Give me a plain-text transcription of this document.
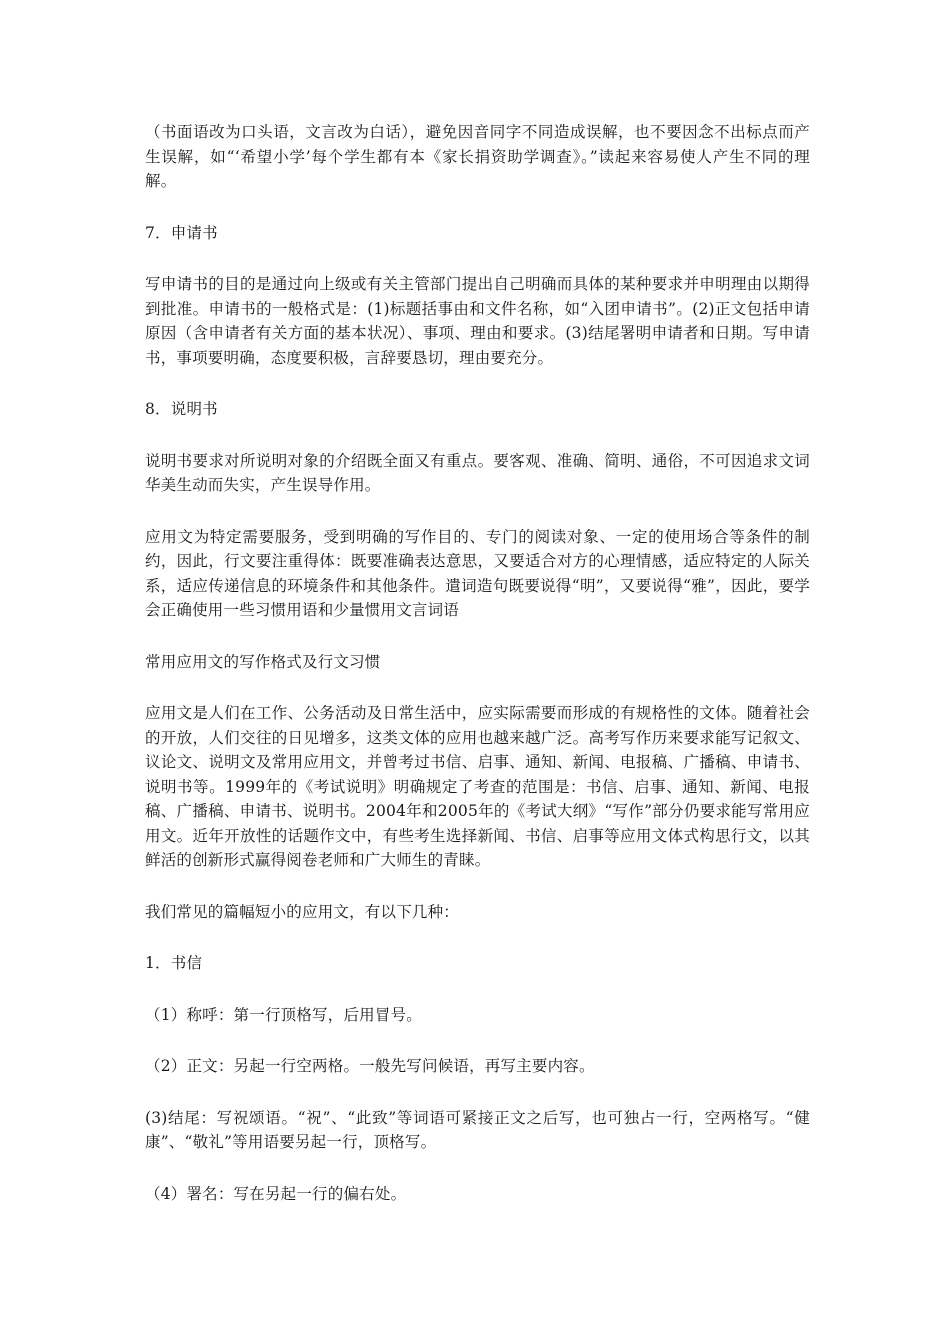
（书面语改为口头语，文言改为白话），避免因音同字不同造成误解，也不要因念不出标点而产生误解，如“‘希望小学’每个学生都有本《家长捐资助学调查》。”读起来容易使人产生不同的理解。

7．申请书

写申请书的目的是通过向上级或有关主管部门提出自己明确而具体的某种要求并申明理由以期得到批准。申请书的一般格式是：(1)标题括事由和文件名称，如“入团申请书”。(2)正文包括申请原因（含申请者有关方面的基本状况）、事项、理由和要求。(3)结尾署明申请者和日期。写申请书，事项要明确，态度要积极，言辞要恳切，理由要充分。

8．说明书

说明书要求对所说明对象的介绍既全面又有重点。要客观、准确、简明、通俗，不可因追求文词华美生动而失实，产生误导作用。

应用文为特定需要服务，受到明确的写作目的、专门的阅读对象、一定的使用场合等条件的制约，因此，行文要注重得体：既要准确表达意思，又要适合对方的心理情感，适应特定的人际关系，适应传递信息的环境条件和其他条件。遣词造句既要说得“明”，又要说得“雅”，因此，要学会正确使用一些习惯用语和少量惯用文言词语

常用应用文的写作格式及行文习惯

应用文是人们在工作、公务活动及日常生活中，应实际需要而形成的有规格性的文体。随着社会的开放，人们交往的日见增多，这类文体的应用也越来越广泛。高考写作历来要求能写记叙文、议论文、说明文及常用应用文，并曾考过书信、启事、通知、新闻、电报稿、广播稿、申请书、说明书等。1999年的《考试说明》明确规定了考查的范围是：书信、启事、通知、新闻、电报稿、广播稿、申请书、说明书。2004年和2005年的《考试大纲》“写作”部分仍要求能写常用应用文。近年开放性的话题作文中，有些考生选择新闻、书信、启事等应用文体式构思行文，以其鲜活的创新形式赢得阅卷老师和广大师生的青睐。

我们常见的篇幅短小的应用文，有以下几种：

1．书信

（1）称呼：第一行顶格写，后用冒号。

（2）正文：另起一行空两格。一般先写问候语，再写主要内容。

(3)结尾：写祝颂语。“祝”、“此致”等词语可紧接正文之后写，也可独占一行，空两格写。“健康”、“敬礼”等用语要另起一行，顶格写。

（4）署名：写在另起一行的偏右处。
